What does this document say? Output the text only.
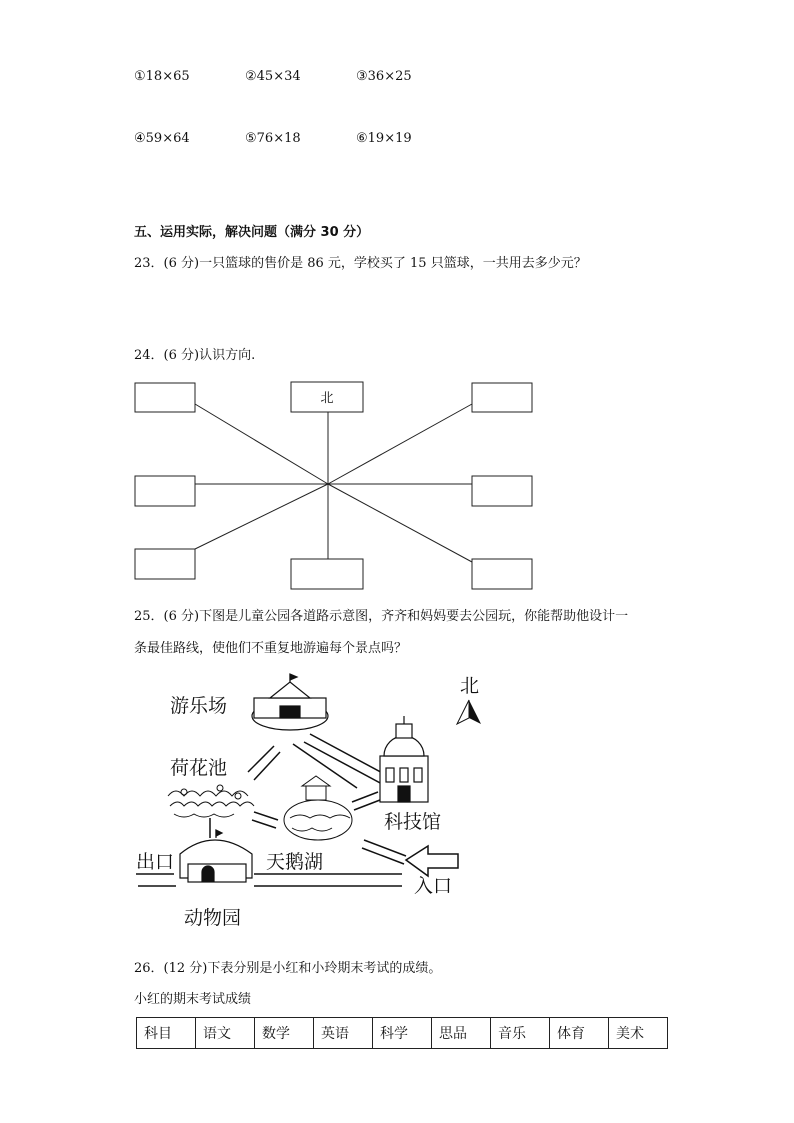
①18×65	②45×34	③36×25
④59×64	⑤76×18	⑥19×19
五、运用实际，解决问题（满分 30 分）
23．(6 分)一只篮球的售价是 86 元，学校买了 15 只篮球，一共用去多少元？
24．(6 分)认识方向.
北
25．(6 分)下图是儿童公园各道路示意图，齐齐和妈妈要去公园玩，你能帮助他设计一
条最佳路线，使他们不重复地游遍每个景点吗？
北
游乐场
荷花池
科技馆
出口	天鹅湖
入口
动物园
26．(12 分)下表分别是小红和小玲期末考试的成绩。
小红的期末考试成绩
科目	语文	数学	英语	科学	思品	音乐	体育	美术
